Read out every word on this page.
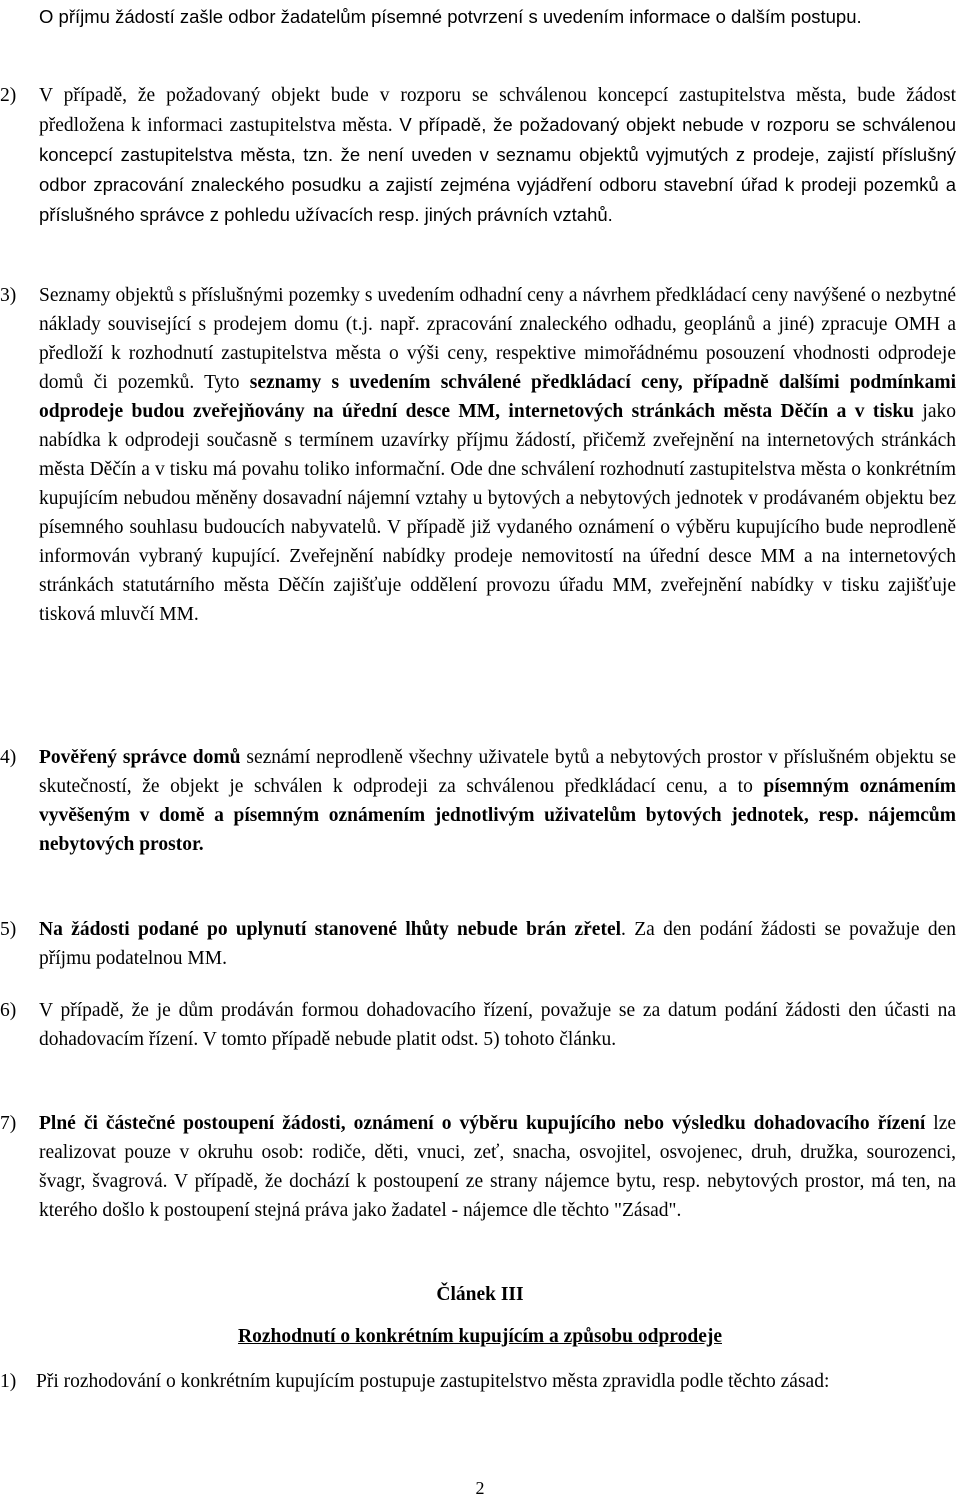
O příjmu žádostí zašle odbor žadatelům písemné potvrzení s uvedením informace o dalším postupu.
2) V případě, že požadovaný objekt bude v rozporu se schválenou koncepcí zastupitelstva města, bude žádost předložena k informaci zastupitelstva města. V případě, že požadovaný objekt nebude v rozporu se schválenou koncepcí zastupitelstva města, tzn. že není uveden v seznamu objektů vyjmutých z prodeje, zajistí příslušný odbor zpracování znaleckého posudku a zajistí zejména vyjádření odboru stavební úřad k prodeji pozemků a příslušného správce z pohledu užívacích resp. jiných právních vztahů.
3) Seznamy objektů s příslušnými pozemky s uvedením odhadní ceny a návrhem předkládací ceny navýšené o nezbytné náklady související s prodejem domu (t.j. např. zpracování znaleckého odhadu, geoplánů a jiné) zpracuje OMH a předloží k rozhodnutí zastupitelstva města o výši ceny, respektive mimořádnému posouzení vhodnosti odprodeje domů či pozemků. Tyto seznamy s uvedením schválené předkládací ceny, případně dalšími podmínkami odprodeje budou zveřejňovány na úřední desce MM, internetových stránkách města Děčín a v tisku jako nabídka k odprodeji současně s termínem uzavírky příjmu žádostí, přičemž zveřejnění na internetových stránkách města Děčín a v tisku má povahu toliko informační. Ode dne schválení rozhodnutí zastupitelstva města o konkrétním kupujícím nebudou měněny dosavadní nájemní vztahy u bytových a nebytových jednotek v prodávaném objektu bez písemného souhlasu budoucích nabyvatelů. V případě již vydaného oznámení o výběru kupujícího bude neprodleně informován vybraný kupující. Zveřejnění nabídky prodeje nemovitostí na úřední desce MM a na internetových stránkách statutárního města Děčín zajišťuje oddělení provozu úřadu MM, zveřejnění nabídky v tisku zajišťuje tisková mluvčí MM.
4) Pověřený správce domů seznámí neprodleně všechny uživatele bytů a nebytových prostor v příslušném objektu se skutečností, že objekt je schválen k odprodeji za schválenou předkládací cenu, a to písemným oznámením vyvěšeným v domě a písemným oznámením jednotlivým uživatelům bytových jednotek, resp. nájemcům nebytových prostor.
5) Na žádosti podané po uplynutí stanovené lhůty nebude brán zřetel. Za den podání žádosti se považuje den příjmu podatelnou MM.
6) V případě, že je dům prodáván formou dohadovacího řízení, považuje se za datum podání žádosti den účasti na dohadovacím řízení. V tomto případě nebude platit odst. 5) tohoto článku.
7) Plné či částečné postoupení žádosti, oznámení o výběru kupujícího nebo výsledku dohadovacího řízení lze realizovat pouze v okruhu osob: rodiče, děti, vnuci, zeť, snacha, osvojitel, osvojenec, druh, družka, sourozenci, švagr, švagrová. V případě, že dochází k postoupení ze strany nájemce bytu, resp. nebytových prostor, má ten, na kterého došlo k postoupení stejná práva jako žadatel - nájemce dle těchto "Zásad".
Článek III
Rozhodnutí o konkrétním kupujícím a způsobu odprodeje
1) Při rozhodování o konkrétním kupujícím postupuje zastupitelstvo města zpravidla podle těchto zásad:
2
